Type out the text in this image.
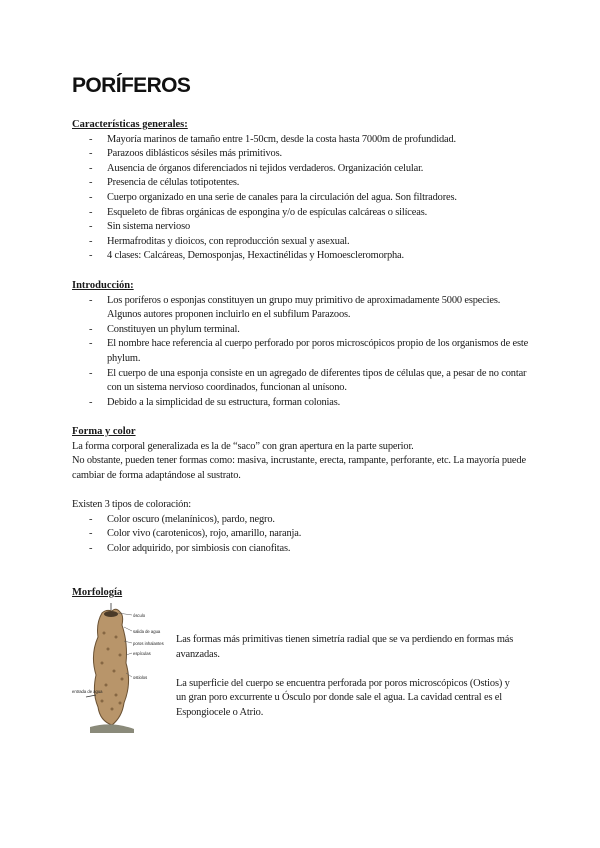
PORÍFEROS
Características generales:
- Mayoría marinos de tamaño entre 1-50cm, desde la costa hasta 7000m de profundidad.
- Parazoos diblásticos sésiles más primitivos.
- Ausencia de órganos diferenciados ni tejidos verdaderos. Organización celular.
- Presencia de células totipotentes.
- Cuerpo organizado en una serie de canales para la circulación del agua. Son filtradores.
- Esqueleto de fibras orgánicas de espongina y/o de espículas calcáreas o silíceas.
- Sin sistema nervioso
- Hermafroditas y dioicos, con reproducción sexual y asexual.
- 4 clases: Calcáreas, Demosponjas, Hexactinélidas y Homoescleromorpha.
Introducción:
- Los poríferos o esponjas constituyen un grupo muy primitivo de aproximadamente 5000 especies. Algunos autores proponen incluirlo en el subfilum Parazoos.
- Constituyen un phylum terminal.
- El nombre hace referencia al cuerpo perforado por poros microscópicos propio de los organismos de este phylum.
- El cuerpo de una esponja consiste en un agregado de diferentes tipos de células que, a pesar de no contar con un sistema nervioso coordinados, funcionan al unísono.
- Debido a la simplicidad de su estructura, forman colonias.
Forma y color

La forma corporal generalizada es la de “saco” con gran apertura en la parte superior.

No obstante, pueden tener formas como: masiva, incrustante, erecta, rampante, perforante, etc. La mayoría puede cambiar de forma adaptándose al sustrato.

Existen 3 tipos de coloración:

- Color oscuro (melanínicos), pardo, negro.
- Color vivo (carotenicos), rojo, amarillo, naranja.
- Color adquirido, por simbiosis con cianofitas.
Morfología
ósculo
salida de agua
poros inhalantes
espículas
ostiolos
entrada de agua

Las formas más primitivas tienen simetría radial que se va perdiendo en formas más avanzadas.

La superficie del cuerpo se encuentra perforada por poros microscópicos (Ostios) y un gran poro excurrente u Ósculo por donde sale el agua. La cavidad central es el Espongiocele o Atrio.
